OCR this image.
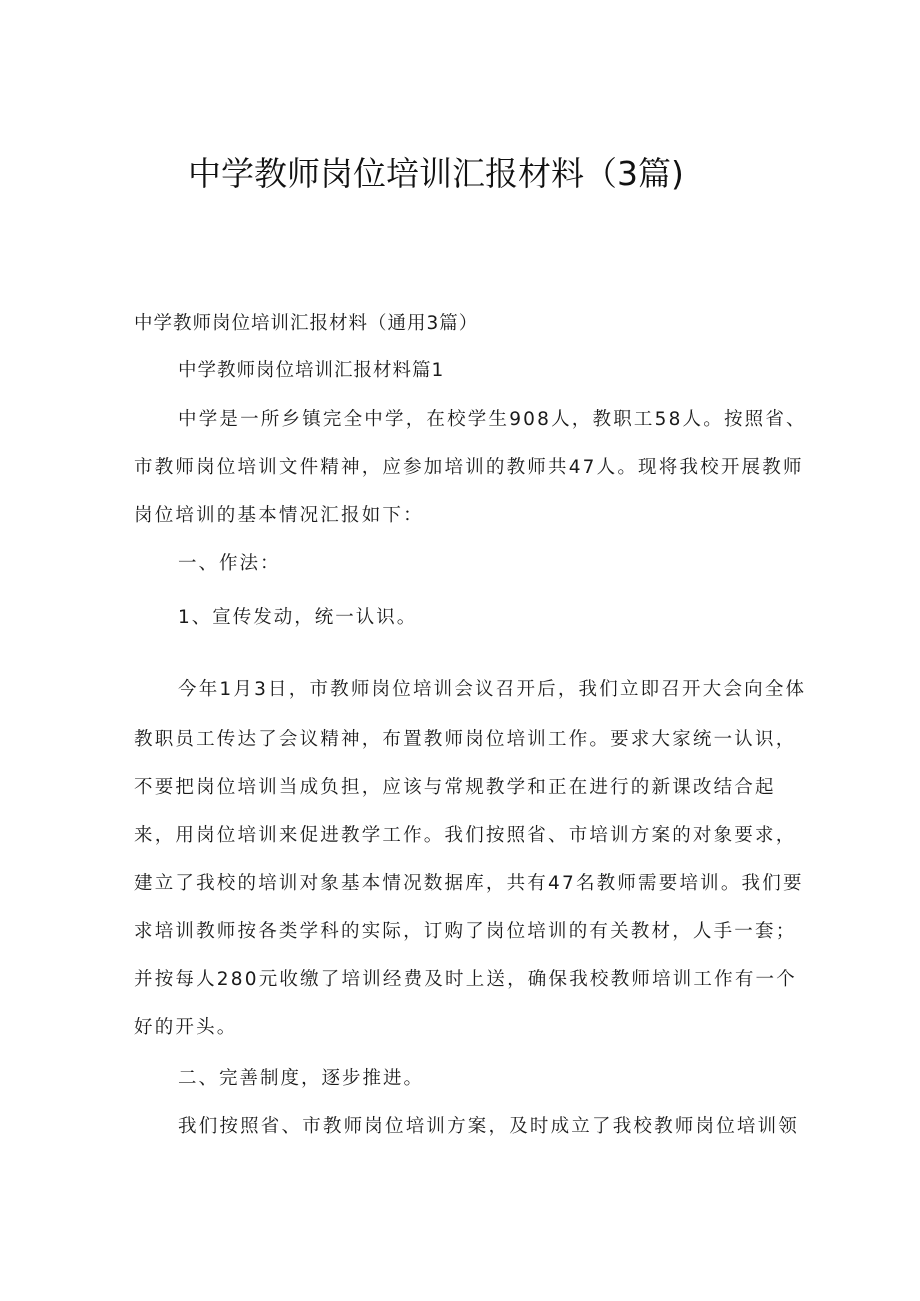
中学教师岗位培训汇报材料（3篇)

中学教师岗位培训汇报材料（通用3篇）

中学教师岗位培训汇报材料篇1

中学是一所乡镇完全中学，在校学生908人，教职工58人。按照省、

市教师岗位培训文件精神，应参加培训的教师共47人。现将我校开展教师

岗位培训的基本情况汇报如下：

一、作法：

1、宣传发动，统一认识。

今年1月3日，市教师岗位培训会议召开后，我们立即召开大会向全体

教职员工传达了会议精神，布置教师岗位培训工作。要求大家统一认识，

不要把岗位培训当成负担，应该与常规教学和正在进行的新课改结合起

来，用岗位培训来促进教学工作。我们按照省、市培训方案的对象要求，

建立了我校的培训对象基本情况数据库，共有47名教师需要培训。我们要

求培训教师按各类学科的实际，订购了岗位培训的有关教材，人手一套；

并按每人280元收缴了培训经费及时上送，确保我校教师培训工作有一个

好的开头。

二、完善制度，逐步推进。

我们按照省、市教师岗位培训方案，及时成立了我校教师岗位培训领
